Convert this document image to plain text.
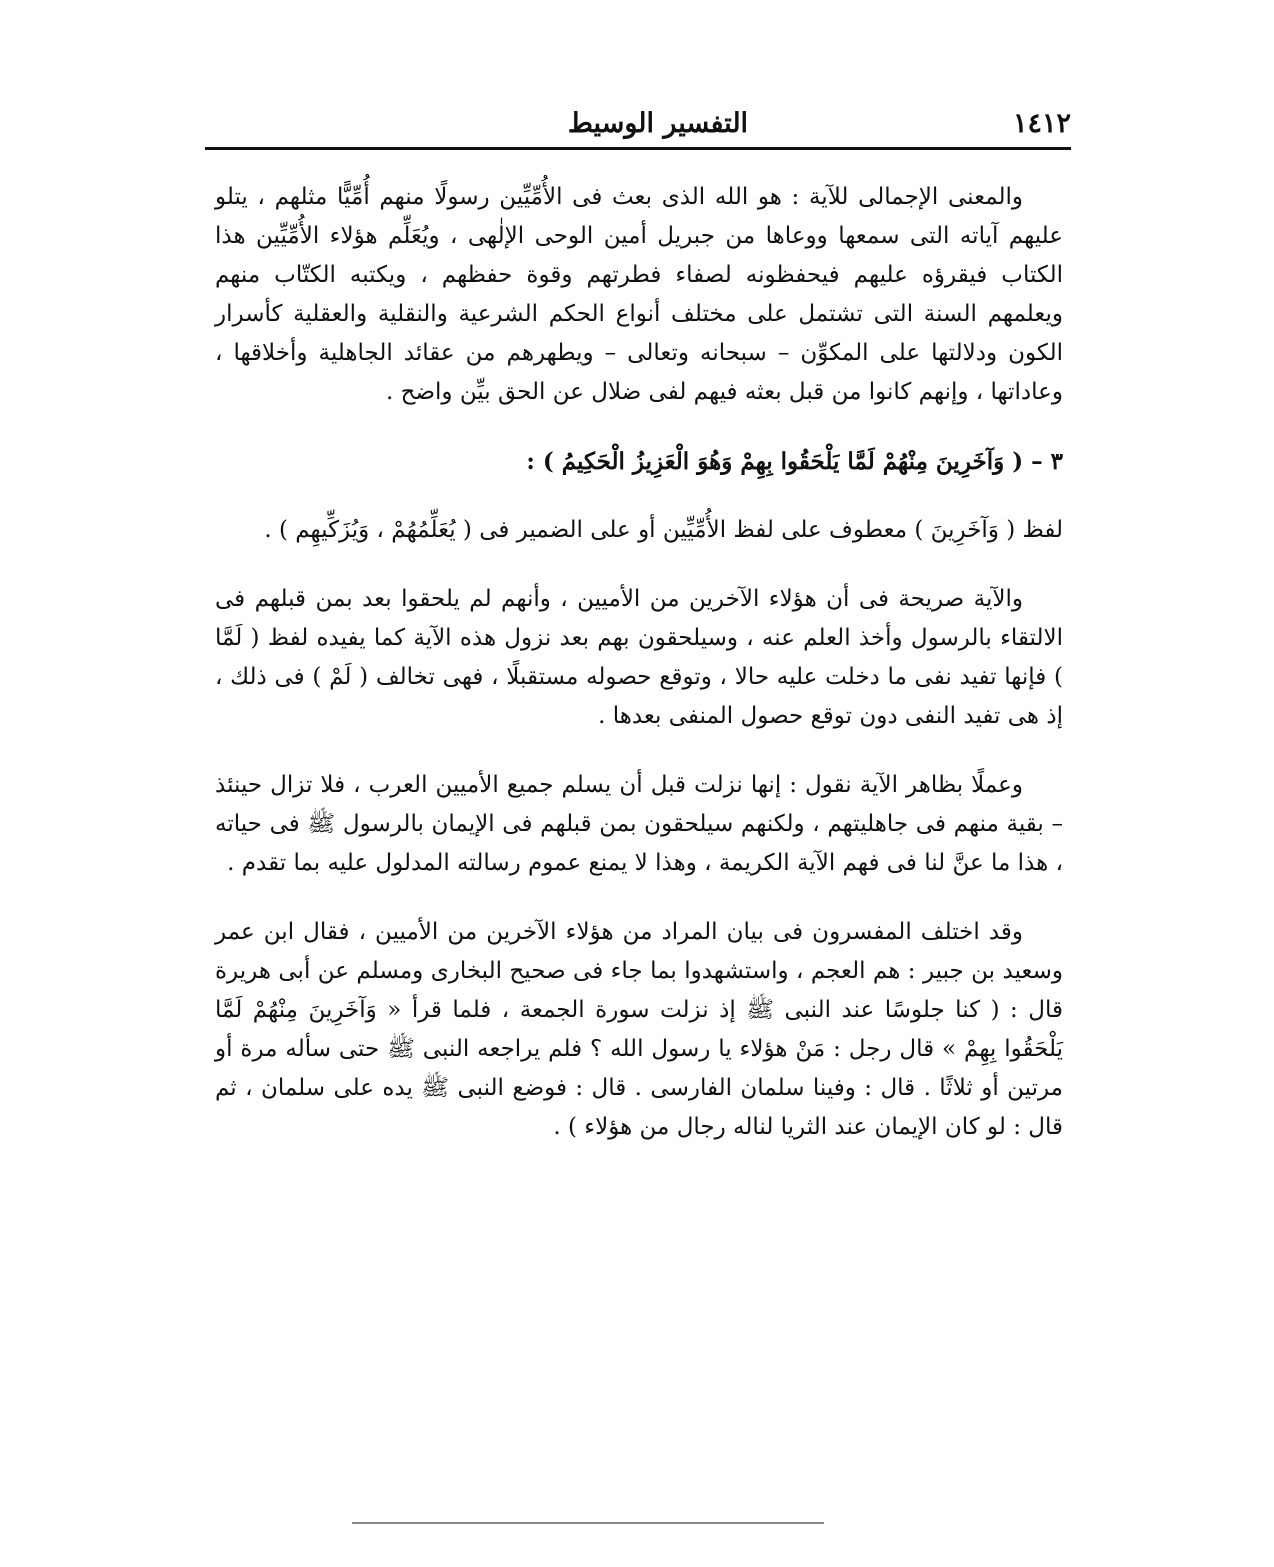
١٤١٢
التفسير الوسيط

والمعنى الإجمالى للآية : هو الله الذى بعث فى الأُمِّيِّين رسولًا منهم أُمِّيًّا مثلهم ، يتلو عليهم آياته التى سمعها ووعاها من جبريل أمين الوحى الإلٰهى ، ويُعَلِّم هؤلاء الأُمِّيِّين هذا الكتاب فيقرؤه عليهم فيحفظونه لصفاء فطرتهم وقوة حفظهم ، ويكتبه الكتّاب منهم ويعلمهم السنة التى تشتمل على مختلف أنواع الحكم الشرعية والنقلية والعقلية كأسرار الكون ودلالتها على المكوِّن – سبحانه وتعالى – ويطهرهم من عقائد الجاهلية وأخلاقها ، وعاداتها ، وإنهم كانوا من قبل بعثه فيهم لفى ضلال عن الحق بيِّن واضح .

٣ – ( وَآخَرِينَ مِنْهُمْ لَمَّا يَلْحَقُوا بِهِمْ وَهُوَ الْعَزِيزُ الْحَكِيمُ ) :

لفظ ( وَآخَرِينَ ) معطوف على لفظ الأُمِّيِّين أو على الضمير فى ( يُعَلِّمُهُمْ ، وَيُزَكِّيهِم ) .

والآية صريحة فى أن هؤلاء الآخرين من الأميين ، وأنهم لم يلحقوا بعد بمن قبلهم فى الالتقاء بالرسول وأخذ العلم عنه ، وسيلحقون بهم بعد نزول هذه الآية كما يفيده لفظ ( لَمَّا ) فإنها تفيد نفى ما دخلت عليه حالا ، وتوقع حصوله مستقبلًا ، فهى تخالف ( لَمْ ) فى ذلك ، إذ هى تفيد النفى دون توقع حصول المنفى بعدها .

وعملًا بظاهر الآية نقول : إنها نزلت قبل أن يسلم جميع الأميين العرب ، فلا تزال حينئذ – بقية منهم فى جاهليتهم ، ولكنهم سيلحقون بمن قبلهم فى الإيمان بالرسول ﷺ فى حياته ، هذا ما عنَّ لنا فى فهم الآية الكريمة ، وهذا لا يمنع عموم رسالته المدلول عليه بما تقدم .

وقد اختلف المفسرون فى بيان المراد من هؤلاء الآخرين من الأميين ، فقال ابن عمر وسعيد بن جبير : هم العجم ، واستشهدوا بما جاء فى صحيح البخارى ومسلم عن أبى هريرة قال : ( كنا جلوسًا عند النبى ﷺ إذ نزلت سورة الجمعة ، فلما قرأ « وَآخَرِينَ مِنْهُمْ لَمَّا يَلْحَقُوا بِهِمْ » قال رجل : مَنْ هؤلاء يا رسول الله ؟ فلم يراجعه النبى ﷺ حتى سأله مرة أو مرتين أو ثلاثًا . قال : وفينا سلمان الفارسى . قال : فوضع النبى ﷺ يده على سلمان ، ثم قال : لو كان الإيمان عند الثريا لناله رجال من هؤلاء ) .
